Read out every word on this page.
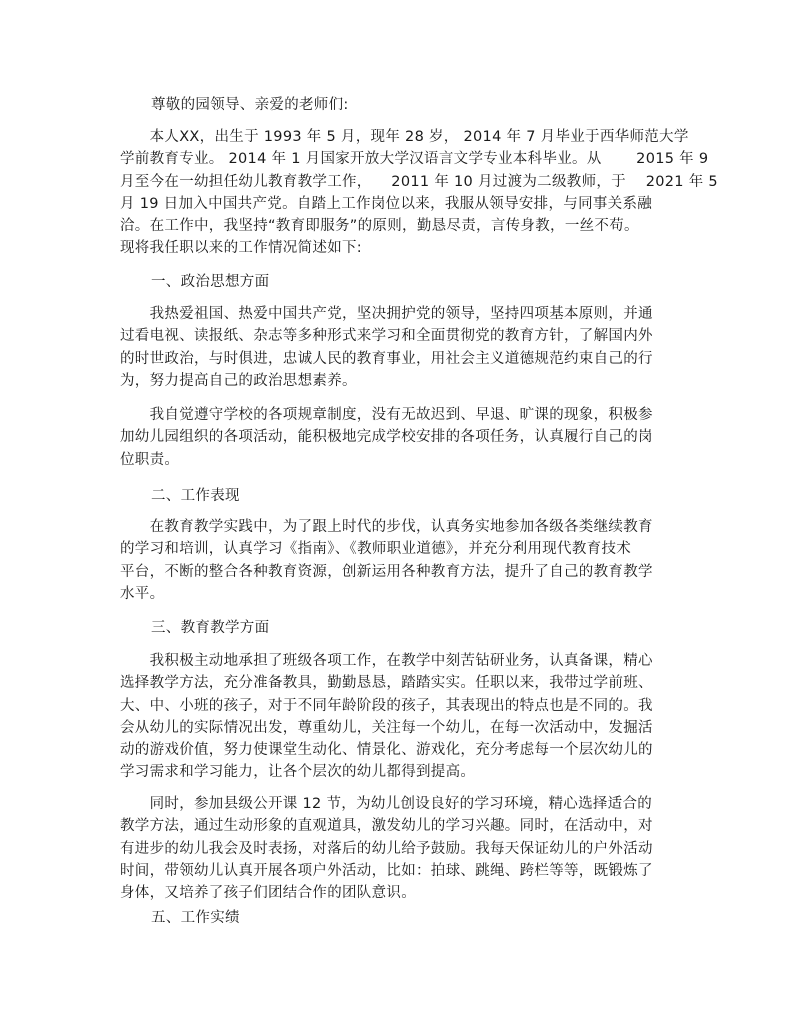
尊敬的园领导、亲爱的老师们:

　　本人XX，出生于 1993 年 5 月，现年 28 岁， 2014 年 7 月毕业于西华师范大学
学前教育专业。 2014 年 1 月国家开放大学汉语言文学专业本科毕业。从 　　2015 年 9
月至今在一幼担任幼儿教育教学工作， 　2011 年 10 月过渡为二级教师，于 　2021 年 5
月 19 日加入中国共产党。自踏上工作岗位以来，我服从领导安排，与同事关系融
洽。在工作中，我坚持“教育即服务”的原则，勤恳尽责，言传身教，一丝不苟。
现将我任职以来的工作情况简述如下:

一、政治思想方面

　　我热爱祖国、热爱中国共产党，坚决拥护党的领导，坚持四项基本原则，并通
过看电视、读报纸、杂志等多种形式来学习和全面贯彻党的教育方针，了解国内外
的时世政治，与时俱进，忠诚人民的教育事业，用社会主义道德规范约束自己的行
为，努力提高自己的政治思想素养。

　　我自觉遵守学校的各项规章制度，没有无故迟到、早退、旷课的现象，积极参
加幼儿园组织的各项活动，能积极地完成学校安排的各项任务，认真履行自己的岗
位职责。

二、工作表现

　　在教育教学实践中，为了跟上时代的步伐，认真务实地参加各级各类继续教育
的学习和培训，认真学习《指南》、《教师职业道德》，并充分利用现代教育技术
平台，不断的整合各种教育资源，创新运用各种教育方法，提升了自己的教育教学
水平。

三、教育教学方面

　　我积极主动地承担了班级各项工作，在教学中刻苦钻研业务，认真备课，精心
选择教学方法，充分准备教具，勤勤恳恳，踏踏实实。任职以来，我带过学前班、
大、中、小班的孩子，对于不同年龄阶段的孩子，其表现出的特点也是不同的。我
会从幼儿的实际情况出发，尊重幼儿，关注每一个幼儿，在每一次活动中，发掘活
动的游戏价值，努力使课堂生动化、情景化、游戏化，充分考虑每一个层次幼儿的
学习需求和学习能力，让各个层次的幼儿都得到提高。

　　同时，参加县级公开课 12 节，为幼儿创设良好的学习环境，精心选择适合的
教学方法，通过生动形象的直观道具，激发幼儿的学习兴趣。同时，在活动中，对
有进步的幼儿我会及时表扬，对落后的幼儿给予鼓励。我每天保证幼儿的户外活动
时间，带领幼儿认真开展各项户外活动，比如：拍球、跳绳、跨栏等等，既锻炼了
身体，又培养了孩子们团结合作的团队意识。

五、工作实绩
